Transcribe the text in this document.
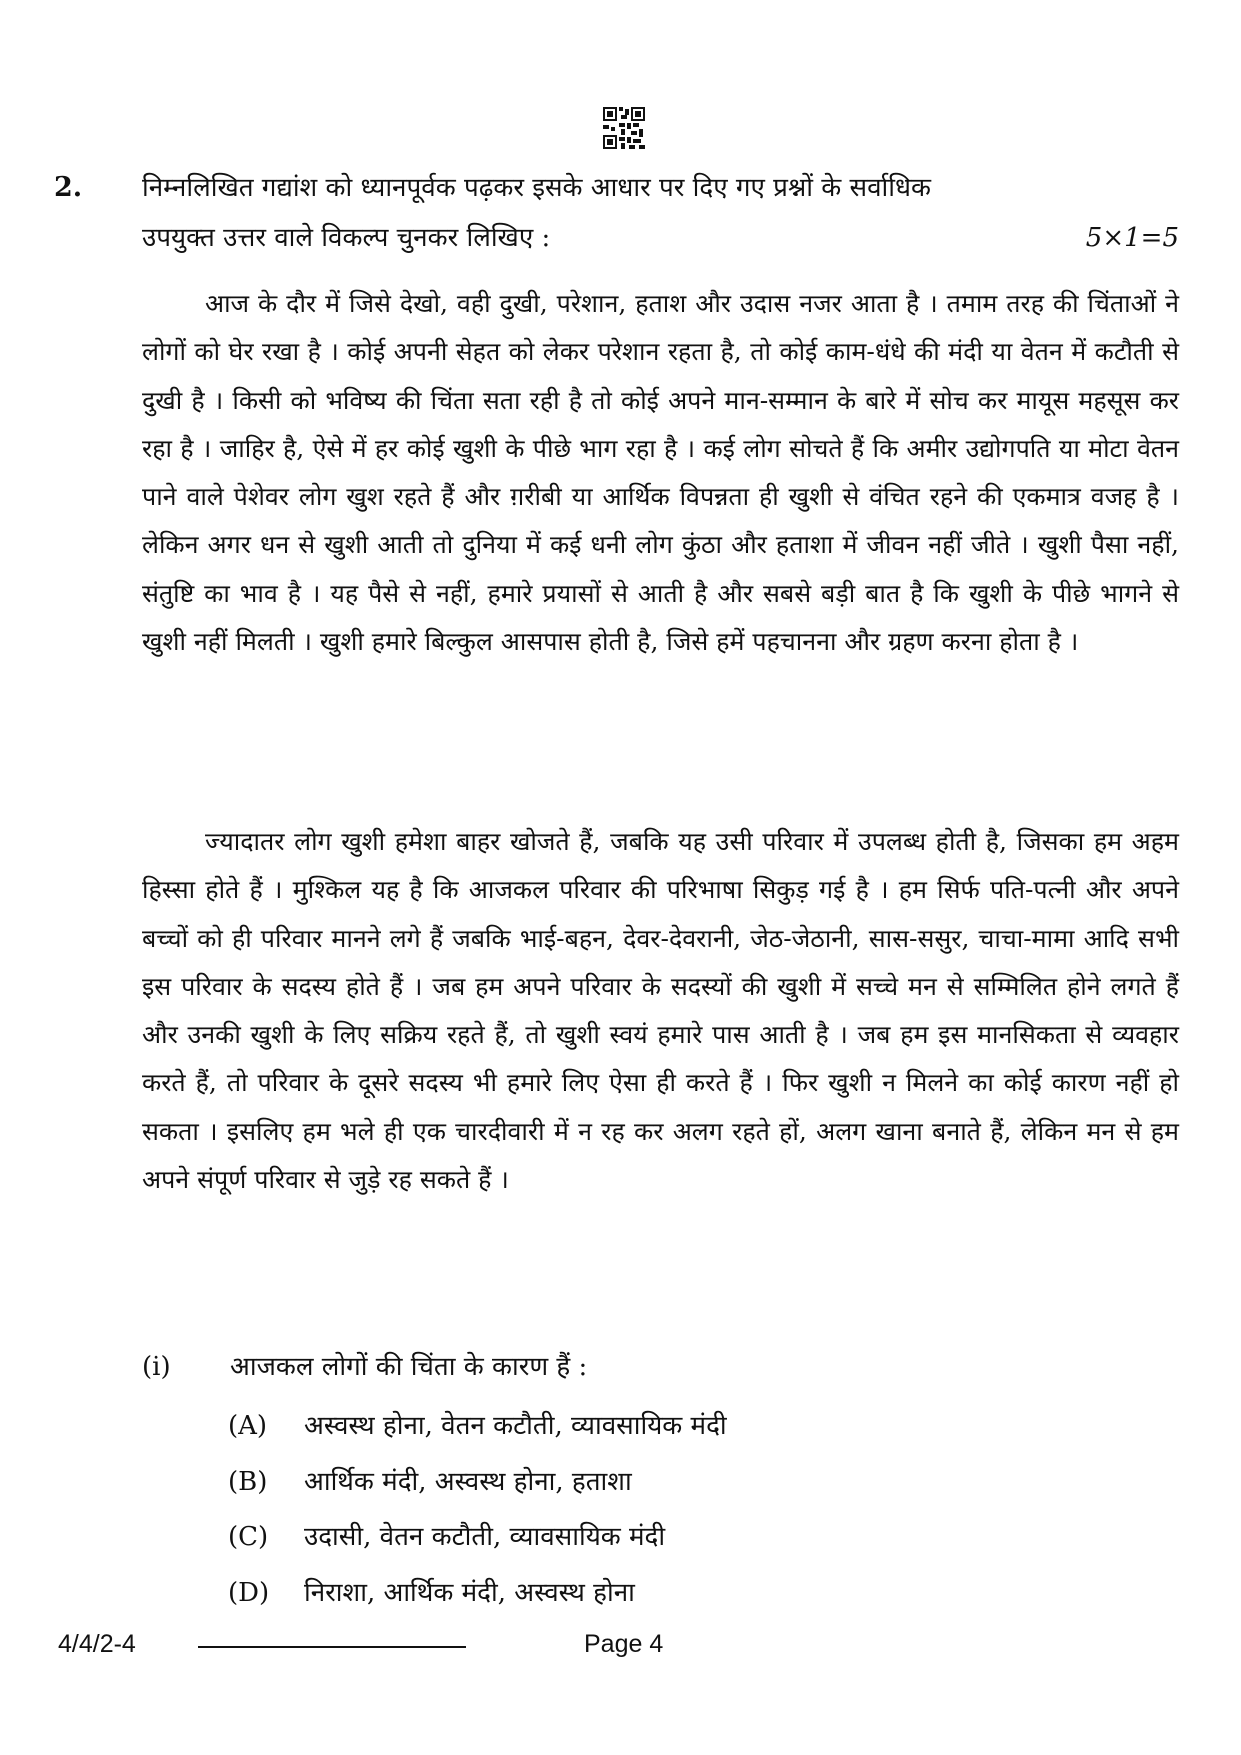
2. निम्नलिखित गद्यांश को ध्यानपूर्वक पढ़कर इसके आधार पर दिए गए प्रश्नों के सर्वाधिक
उपयुक्त उत्तर वाले विकल्प चुनकर लिखिए :	5×1=5

आज के दौर में जिसे देखो, वही दुखी, परेशान, हताश और उदास नजर आता है । तमाम तरह की चिंताओं ने लोगों को घेर रखा है । कोई अपनी सेहत को लेकर परेशान रहता है, तो कोई काम-धंधे की मंदी या वेतन में कटौती से दुखी है । किसी को भविष्य की चिंता सता रही है तो कोई अपने मान-सम्मान के बारे में सोच कर मायूस महसूस कर रहा है । जाहिर है, ऐसे में हर कोई खुशी के पीछे भाग रहा है । कई लोग सोचते हैं कि अमीर उद्योगपति या मोटा वेतन पाने वाले पेशेवर लोग खुश रहते हैं और ग़रीबी या आर्थिक विपन्नता ही खुशी से वंचित रहने की एकमात्र वजह है । लेकिन अगर धन से खुशी आती तो दुनिया में कई धनी लोग कुंठा और हताशा में जीवन नहीं जीते । खुशी पैसा नहीं, संतुष्टि का भाव है । यह पैसे से नहीं, हमारे प्रयासों से आती है और सबसे बड़ी बात है कि खुशी के पीछे भागने से खुशी नहीं मिलती । खुशी हमारे बिल्कुल आसपास होती है, जिसे हमें पहचानना और ग्रहण करना होता है ।

ज्यादातर लोग खुशी हमेशा बाहर खोजते हैं, जबकि यह उसी परिवार में उपलब्ध होती है, जिसका हम अहम हिस्सा होते हैं । मुश्किल यह है कि आजकल परिवार की परिभाषा सिकुड़ गई है । हम सिर्फ पति-पत्नी और अपने बच्चों को ही परिवार मानने लगे हैं जबकि भाई-बहन, देवर-देवरानी, जेठ-जेठानी, सास-ससुर, चाचा-मामा आदि सभी इस परिवार के सदस्य होते हैं । जब हम अपने परिवार के सदस्यों की खुशी में सच्चे मन से सम्मिलित होने लगते हैं और उनकी खुशी के लिए सक्रिय रहते हैं, तो खुशी स्वयं हमारे पास आती है । जब हम इस मानसिकता से व्यवहार करते हैं, तो परिवार के दूसरे सदस्य भी हमारे लिए ऐसा ही करते हैं । फिर खुशी न मिलने का कोई कारण नहीं हो सकता । इसलिए हम भले ही एक चारदीवारी में न रह कर अलग रहते हों, अलग खाना बनाते हैं, लेकिन मन से हम अपने संपूर्ण परिवार से जुड़े रह सकते हैं ।

(i)	आजकल लोगों की चिंता के कारण हैं :
(A)	अस्वस्थ होना, वेतन कटौती, व्यावसायिक मंदी
(B)	आर्थिक मंदी, अस्वस्थ होना, हताशा
(C)	उदासी, वेतन कटौती, व्यावसायिक मंदी
(D)	निराशा, आर्थिक मंदी, अस्वस्थ होना
4/4/2-4	Page 4
